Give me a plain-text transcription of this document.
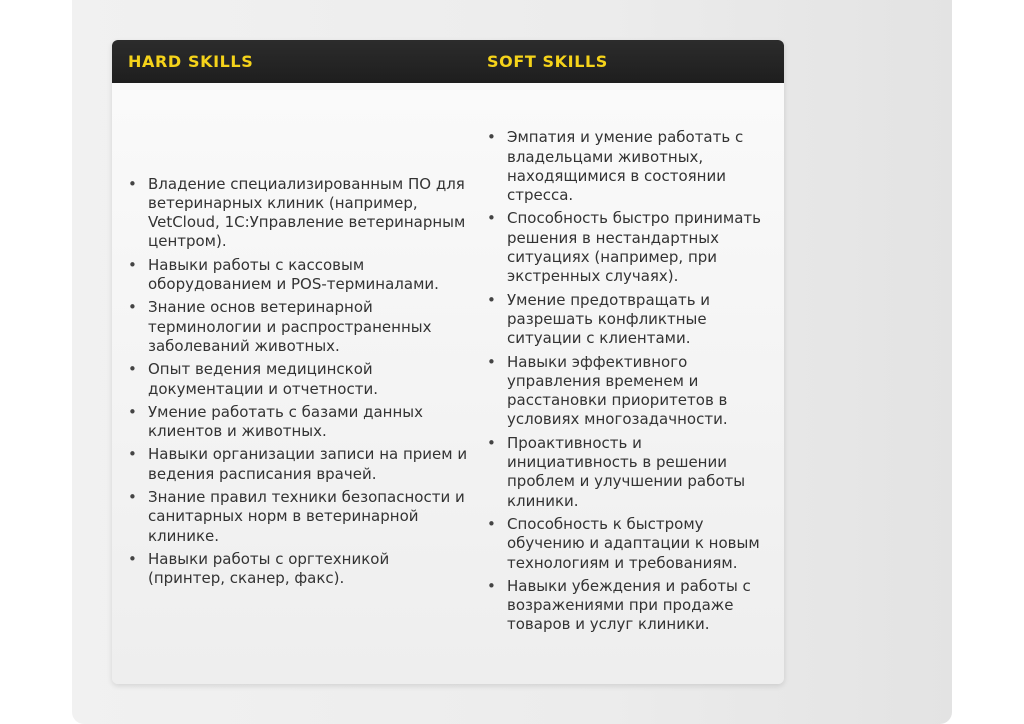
HARD SKILLS	SOFT SKILLS
• Владение специализированным ПО для ветеринарных клиник (например, VetCloud, 1С:Управление ветеринарным центром).
• Навыки работы с кассовым оборудованием и POS-терминалами.
• Знание основ ветеринарной терминологии и распространенных заболеваний животных.
• Опыт ведения медицинской документации и отчетности.
• Умение работать с базами данных клиентов и животных.
• Навыки организации записи на прием и ведения расписания врачей.
• Знание правил техники безопасности и санитарных норм в ветеринарной клинике.
• Навыки работы с оргтехникой (принтер, сканер, факс).
• Эмпатия и умение работать с владельцами животных, находящимися в состоянии стресса.
• Способность быстро принимать решения в нестандартных ситуациях (например, при экстренных случаях).
• Умение предотвращать и разрешать конфликтные ситуации с клиентами.
• Навыки эффективного управления временем и расстановки приоритетов в условиях многозадачности.
• Проактивность и инициативность в решении проблем и улучшении работы клиники.
• Способность к быстрому обучению и адаптации к новым технологиям и требованиям.
• Навыки убеждения и работы с возражениями при продаже товаров и услуг клиники.
